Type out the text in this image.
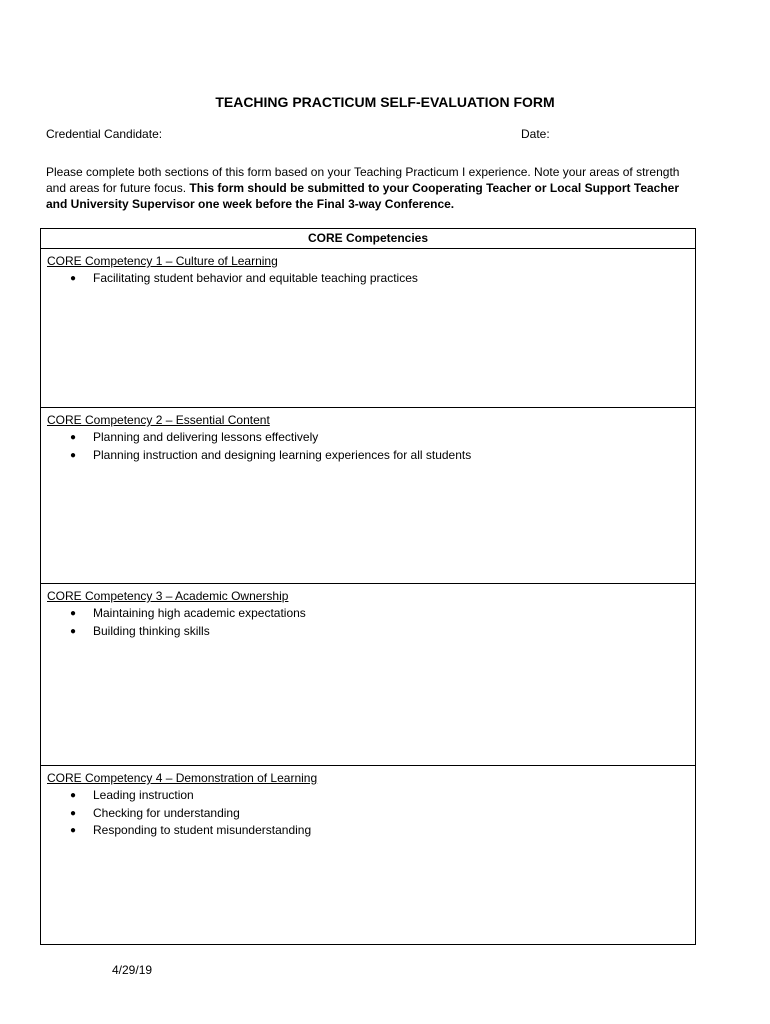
TEACHING PRACTICUM SELF-EVALUATION FORM
Credential Candidate:	Date:
Please complete both sections of this form based on your Teaching Practicum I experience. Note your areas of strength and areas for future focus. This form should be submitted to your Cooperating Teacher or Local Support Teacher and University Supervisor one week before the Final 3-way Conference.
CORE Competencies
CORE Competency 1 – Culture of Learning
● Facilitating student behavior and equitable teaching practices
CORE Competency 2 – Essential Content
● Planning and delivering lessons effectively
● Planning instruction and designing learning experiences for all students
CORE Competency 3 – Academic Ownership
● Maintaining high academic expectations
● Building thinking skills
CORE Competency 4 – Demonstration of Learning
● Leading instruction
● Checking for understanding
● Responding to student misunderstanding
4/29/19
